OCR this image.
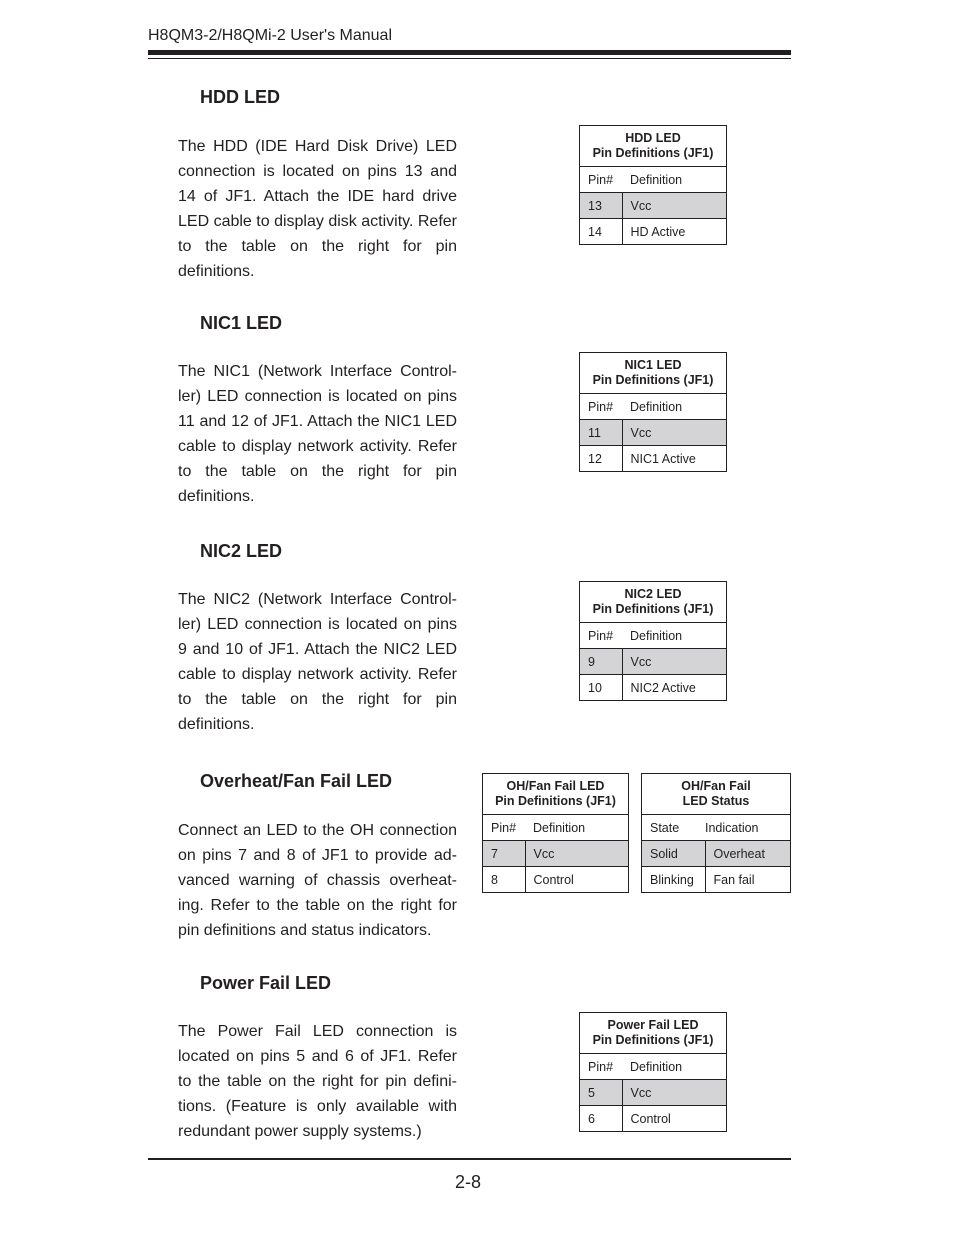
H8QM3-2/H8QMi-2 User's Manual
HDD LED

The HDD (IDE Hard Disk Drive) LED connection is located on pins 13 and 14 of JF1. Attach the IDE hard drive LED cable to display disk activity. Refer to the table on the right for pin definitions.

HDD LED
Pin Definitions (JF1)	

Pin#	Definition
13	Vcc
14	HD Active
NIC1 LED

The NIC1 (Network Interface Control-ler) LED connection is located on pins 11 and 12 of JF1. Attach the NIC1 LED cable to display network activity. Refer to the table on the right for pin definitions.

NIC1 LED
Pin Definitions (JF1)	

Pin#	Definition
11	Vcc
12	NIC1 Active
NIC2 LED

The NIC2 (Network Interface Control-ler) LED connection is located on pins 9 and 10 of JF1. Attach the NIC2 LED cable to display network activity. Refer to the table on the right for pin definitions.

NIC2 LED
Pin Definitions (JF1)	

Pin#	Definition
9	Vcc
10	NIC2 Active
Overheat/Fan Fail LED

Connect an LED to the OH connection on pins 7 and 8 of JF1 to provide ad-vanced warning of chassis overheat-ing. Refer to the table on the right for pin definitions and status indicators.

OH/Fan Fail LED
Pin Definitions (JF1)	

Pin#	Definition
7	Vcc
8	Control
OH/Fan Fail
LED Status	

State	Indication
Solid	Overheat
Blinking	Fan fail
Power Fail LED

The Power Fail LED connection is located on pins 5 and 6 of JF1. Refer to the table on the right for pin defini-tions. (Feature is only available with redundant power supply systems.)

Power Fail LED
Pin Definitions (JF1)	

Pin#	Definition
5	Vcc
6	Control
2-8
